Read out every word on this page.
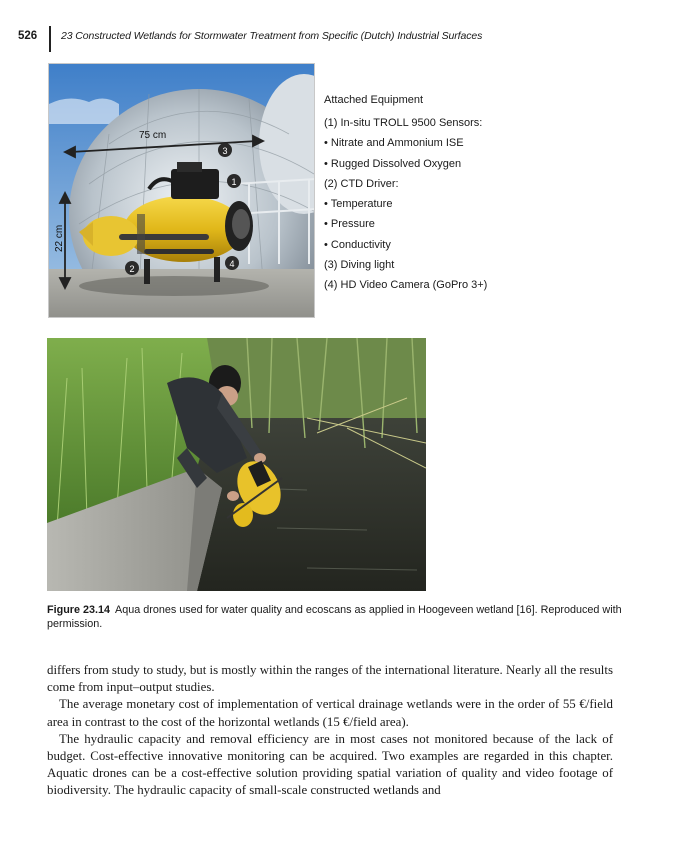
526 23 Constructed Wetlands for Stormwater Treatment from Specific (Dutch) Industrial Surfaces
75 cm
22 cm
3
1
2	4
Attached Equipment
(1) In-situ TROLL 9500 Sensors:
• Nitrate and Ammonium ISE
• Rugged Dissolved Oxygen
(2) CTD Driver:
• Temperature
• Pressure
• Conductivity
(3) Diving light
(4) HD Video Camera (GoPro 3+)
Figure 23.14 Aqua drones used for water quality and ecoscans as applied in Hoogeveen wetland [16]. Reproduced with permission.

differs from study to study, but is mostly within the ranges of the international literature. Nearly all the results come from input–output studies.

The average monetary cost of implementation of vertical drainage wetlands were in the order of 55 €/field area in contrast to the cost of the horizontal wetlands (15 €/field area).

The hydraulic capacity and removal efficiency are in most cases not monitored because of the lack of budget. Cost-effective innovative monitoring can be acquired. Two examples are regarded in this chapter. Aquatic drones can be a cost-effective solution providing spatial variation of quality and video footage of biodiversity. The hydraulic capacity of small-scale constructed wetlands and
